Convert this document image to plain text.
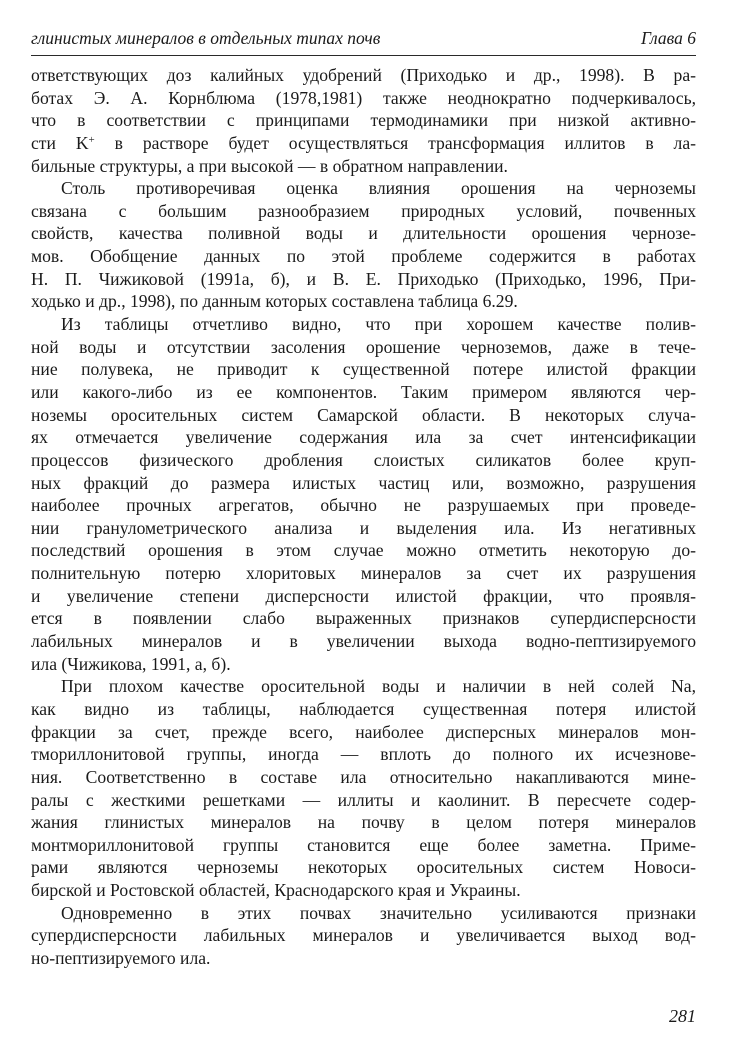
глинистых минералов в отдельных типах почв	Глава 6
ответствующих доз калийных удобрений (Приходько и др., 1998). В ра-
ботах Э. А. Корнблюма (1978,1981) также неоднократно подчеркивалось,
что в соответствии с принципами термодинамики при низкой активно-
сти K+ в растворе будет осуществляться трансформация иллитов в ла-
бильные структуры, а при высокой — в обратном направлении.
Столь противоречивая оценка влияния орошения на черноземы
связана с большим разнообразием природных условий, почвенных
свойств, качества поливной воды и длительности орошения чернозе-
мов. Обобщение данных по этой проблеме содержится в работах
Н. П. Чижиковой (1991а, б), и В. Е. Приходько (Приходько, 1996, При-
ходько и др., 1998), по данным которых составлена таблица 6.29.
Из таблицы отчетливо видно, что при хорошем качестве полив-
ной воды и отсутствии засоления орошение черноземов, даже в тече-
ние полувека, не приводит к существенной потере илистой фракции
или какого-либо из ее компонентов. Таким примером являются чер-
ноземы оросительных систем Самарской области. В некоторых случа-
ях отмечается увеличение содержания ила за счет интенсификации
процессов физического дробления слоистых силикатов более круп-
ных фракций до размера илистых частиц или, возможно, разрушения
наиболее прочных агрегатов, обычно не разрушаемых при проведе-
нии гранулометрического анализа и выделения ила. Из негативных
последствий орошения в этом случае можно отметить некоторую до-
полнительную потерю хлоритовых минералов за счет их разрушения
и увеличение степени дисперсности илистой фракции, что проявля-
ется в появлении слабо выраженных признаков супердисперсности
лабильных минералов и в увеличении выхода водно-пептизируемого
ила (Чижикова, 1991, а, б).
При плохом качестве оросительной воды и наличии в ней солей Na,
как видно из таблицы, наблюдается существенная потеря илистой
фракции за счет, прежде всего, наиболее дисперсных минералов мон-
тмориллонитовой группы, иногда — вплоть до полного их исчезнове-
ния. Соответственно в составе ила относительно накапливаются мине-
ралы с жесткими решетками — иллиты и каолинит. В пересчете содер-
жания глинистых минералов на почву в целом потеря минералов
монтмориллонитовой группы становится еще более заметна. Приме-
рами являются черноземы некоторых оросительных систем Новоси-
бирской и Ростовской областей, Краснодарского края и Украины.
Одновременно в этих почвах значительно усиливаются признаки
супердисперсности лабильных минералов и увеличивается выход вод-
но-пептизируемого ила.
281
